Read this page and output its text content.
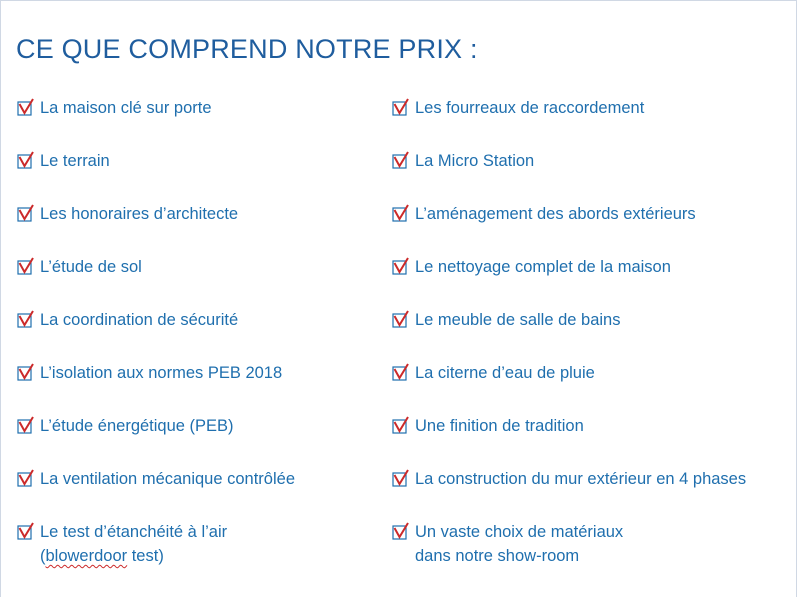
CE QUE COMPREND NOTRE PRIX :
La maison clé sur porte
Le terrain
Les honoraires d’architecte
L’étude de sol
La coordination de sécurité
L’isolation aux normes PEB 2018
L’étude énergétique (PEB)
La ventilation mécanique contrôlée
Le test d’étanchéité à l’air
(blowerdoor test)
Les fourreaux de raccordement
La Micro Station
L’aménagement des abords extérieurs
Le nettoyage complet de la maison
Le meuble de salle de bains
La citerne d’eau de pluie
Une finition de tradition
La construction du mur extérieur en 4 phases
Un vaste choix de matériaux
dans notre show-room
